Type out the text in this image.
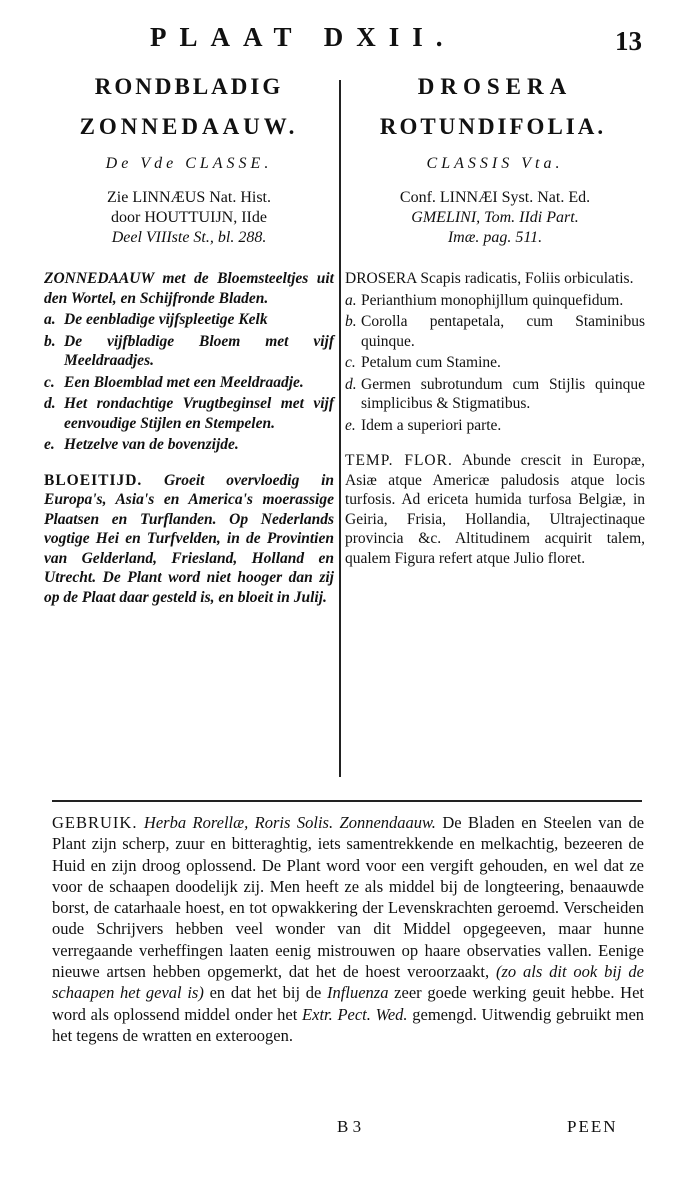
PLAAT DXII.	13
RONDBLADIG
ZONNEDAAUW.
De Vde CLASSE.
Zie LINNÆUS Nat. Hist.
door HOUTTUIJN, IIde
Deel VIIIste St., bl. 288.
ZONNEDAAUW met de Bloemsteeltjes uit den Wortel, en Schijfronde Bladen.
a. De eenbladige vijfspleetige Kelk
b. De vijfbladige Bloem met vijf Meeldraadjes.
c. Een Bloemblad met een Meeldraadje.
d. Het rondachtige Vrugtbeginsel met vijf eenvoudige Stijlen en Stempelen.
e. Hetzelve van de bovenzijde.
BLOEITIJD. Groeit overvloedig in Europa's, Asia's en America's moerassige Plaatsen en Turflanden. Op Nederlands vogtige Hei en Turfvelden, in de Provintien van Gelderland, Friesland, Holland en Utrecht. De Plant word niet hooger dan zij op de Plaat daar gesteld is, en bloeit in Julij.
DROSERA
ROTUNDIFOLIA.
CLASSIS Vta.
Conf. LINNÆI Syst. Nat. Ed.
GMELINI, Tom. IIdi Part.
Imæ. pag. 511.
DROSERA Scapis radicatis, Foliis orbiculatis.
a. Perianthium monophijllum quinquefidum.
b. Corolla pentapetala, cum Staminibus quinque.
c. Petalum cum Stamine.
d. Germen subrotundum cum Stijlis quinque simplicibus & Stigmatibus.
e. Idem a superiori parte.
TEMP. FLOR. Abunde crescit in Europæ, Asiæ atque Americæ paludosis atque locis turfosis. Ad ericeta humida turfosa Belgiæ, in Geiria, Frisia, Hollandia, Ultrajectinaque provincia &c. Altitudinem acquirit talem, qualem Figura refert atque Julio floret.

GEBRUIK. Herba Rorellæ, Roris Solis. Zonnendaauw. De Bladen en Steelen van de Plant zijn scherp, zuur en bitteraghtig, iets samentrekkende en melkachtig, bezeeren de Huid en zijn droog oplossend. De Plant word voor een vergift gehouden, en wel dat ze voor de schaapen doodelijk zij. Men heeft ze als middel bij de longteering, benaauwde borst, de catarhaale hoest, en tot opwakkering der Levenskrachten geroemd. Verscheiden oude Schrijvers hebben veel wonder van dit Middel opgegeeven, maar hunne verregaande verheffingen laaten eenig mistrouwen op haare observaties vallen. Eenige nieuwe artsen hebben opgemerkt, dat het de hoest veroorzaakt, (zo als dit ook bij de schaapen het geval is) en dat het bij de Influenza zeer goede werking geuit hebbe. Het word als oplossend middel onder het Extr. Pect. Wed. gemengd. Uitwendig gebruikt men het tegens de wratten en exteroogen.

B 3	PEEN
